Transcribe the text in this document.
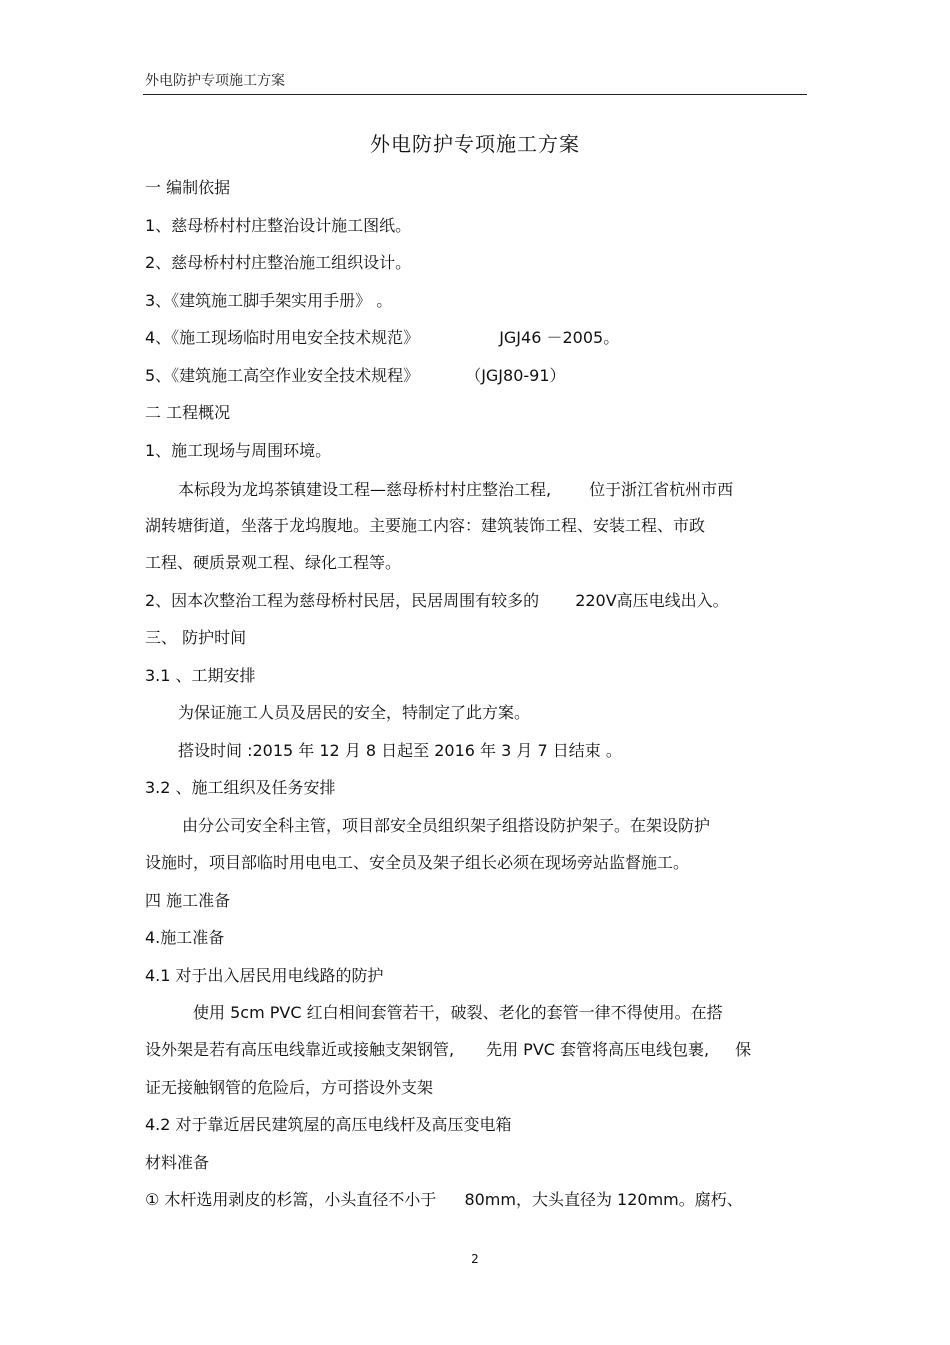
外电防护专项施工方案
外电防护专项施工方案
一 编制依据
1、慈母桥村村庄整治设计施工图纸。
2、慈母桥村村庄整治施工组织设计。
3、《建筑施工脚手架实用手册》 。
4、《施工现场临时用电安全技术规范》	JGJ46 －2005。
5、《建筑施工高空作业安全技术规程》	（JGJ80-91）
二 工程概况
1、施工现场与周围环境。
本标段为龙坞茶镇建设工程—慈母桥村村庄整治工程, 位于浙江省杭州市西
湖转塘街道，坐落于龙坞腹地。主要施工内容：建筑装饰工程、安装工程、市政
工程、硬质景观工程、绿化工程等。
2、因本次整治工程为慈母桥村民居，民居周围有较多的 220V高压电线出入。
三、 防护时间
3.1 、工期安排
为保证施工人员及居民的安全，特制定了此方案。
搭设时间 :2015 年 12 月 8 日起至 2016 年 3 月 7 日结束 。
3.2 、施工组织及任务安排
由分公司安全科主管，项目部安全员组织架子组搭设防护架子。在架设防护
设施时，项目部临时用电电工、安全员及架子组长必须在现场旁站监督施工。
四 施工准备
4.施工准备
4.1 对于出入居民用电线路的防护
使用 5cm PVC 红白相间套管若干，破裂、老化的套管一律不得使用。在搭
设外架是若有高压电线靠近或接触支架钢管, 先用 PVC 套管将高压电线包裹, 保
证无接触钢管的危险后，方可搭设外支架
4.2 对于靠近居民建筑屋的高压电线杆及高压变电箱
材料准备
① 木杆选用剥皮的杉篙，小头直径不小于 80mm，大头直径为 120mm。腐朽、
2
